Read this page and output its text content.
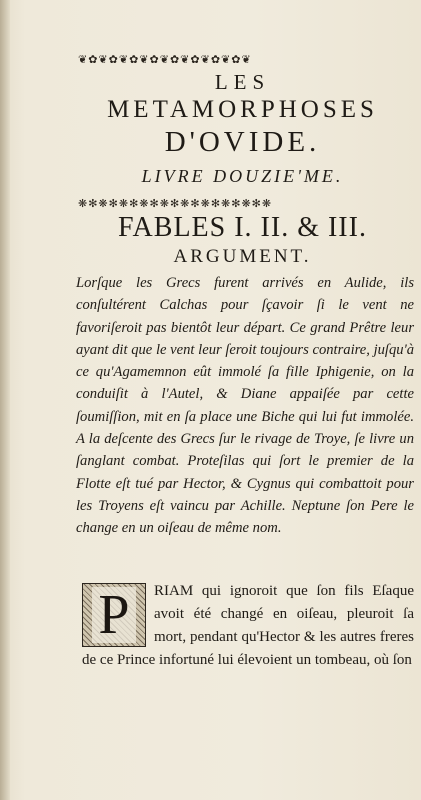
❦✿❦✿❦✿❦✿❦✿❦✿❦✿❦✿❦
LES
METAMORPHOSES
D'OVIDE.
LIVRE DOUZIE'ME.
❋✻❋✻❋✻❋✻❋✻❋✻❋✻❋✻❋✻❋
FABLES I. II. & III.
ARGUMENT.
Lorſque les Grecs furent arrivés en Aulide, ils conſultérent Calchas pour ſçavoir ſi le vent ne favoriſeroit pas bientôt leur départ. Ce grand Prêtre leur ayant dit que le vent leur ſeroit toujours contraire, juſqu'à ce qu'Agamemnon eût immolé ſa fille Iphigenie, on la conduiſit à l'Autel, & Diane appaiſée par cette ſoumiſſion, mit en ſa place une Biche qui lui fut immolée. A la deſcente des Grecs ſur le rivage de Troye, ſe livre un ſanglant combat. Proteſilas qui ſort le premier de la Flotte eſt tué par Hector, & Cygnus qui combattoit pour les Troyens eſt vaincu par Achille. Neptune ſon Pere le change en un oiſeau de même nom.
P	RIAM qui ignoroit que ſon fils Eſaque avoit été changé en oiſeau, pleuroit ſa mort, pendant qu'Hector & les autres freres de ce Prince infortuné lui élevoient un tombeau, où ſon
